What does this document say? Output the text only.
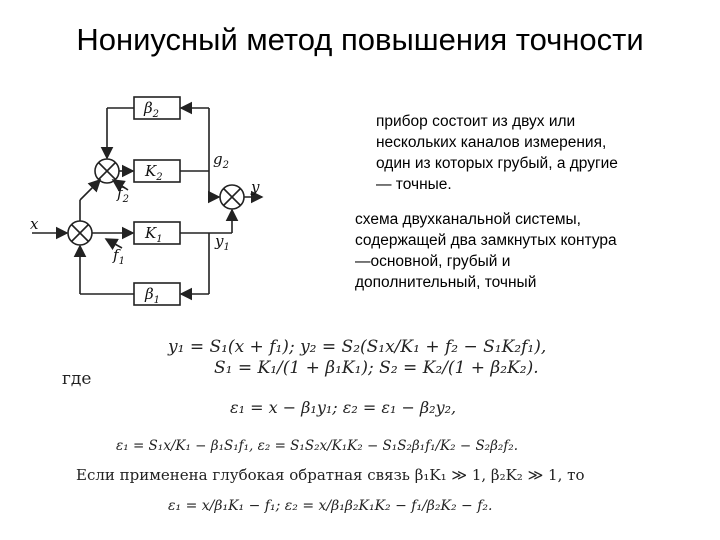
Нониусный метод повышения точности
прибор состоит из двух или
нескольких каналов измерения,
один из которых грубый, а другие
— точные.
схема двухканальной системы,
содержащей два замкнутых контура
—основной, грубый и
дополнительный, точный
$\beta_2$
$K_2$
$K_1$
$\beta_1$
x
y
$g_2$
$y_1$
$f_2$
$f_1$
y₁ = S₁(x + f₁); y₂ = S₂(S₁x/K₁ + f₂ − S₁K₂f₁),
где
S₁ = K₁/(1 + β₁K₁); S₂ = K₂/(1 + β₂K₂).
ε₁ = x − β₁y₁; ε₂ = ε₁ − β₂y₂,
ε₁ = S₁x/K₁ − β₁S₁f₁, ε₂ = S₁S₂x/K₁K₂ − S₁S₂β₁f₁/K₂ − S₂β₂f₂.
Если применена глубокая обратная связь β₁K₁ ≫ 1, β₂K₂ ≫ 1, то
ε₁ = x/β₁K₁ − f₁; ε₂ = x/β₁β₂K₁K₂ − f₁/β₂K₂ − f₂.
